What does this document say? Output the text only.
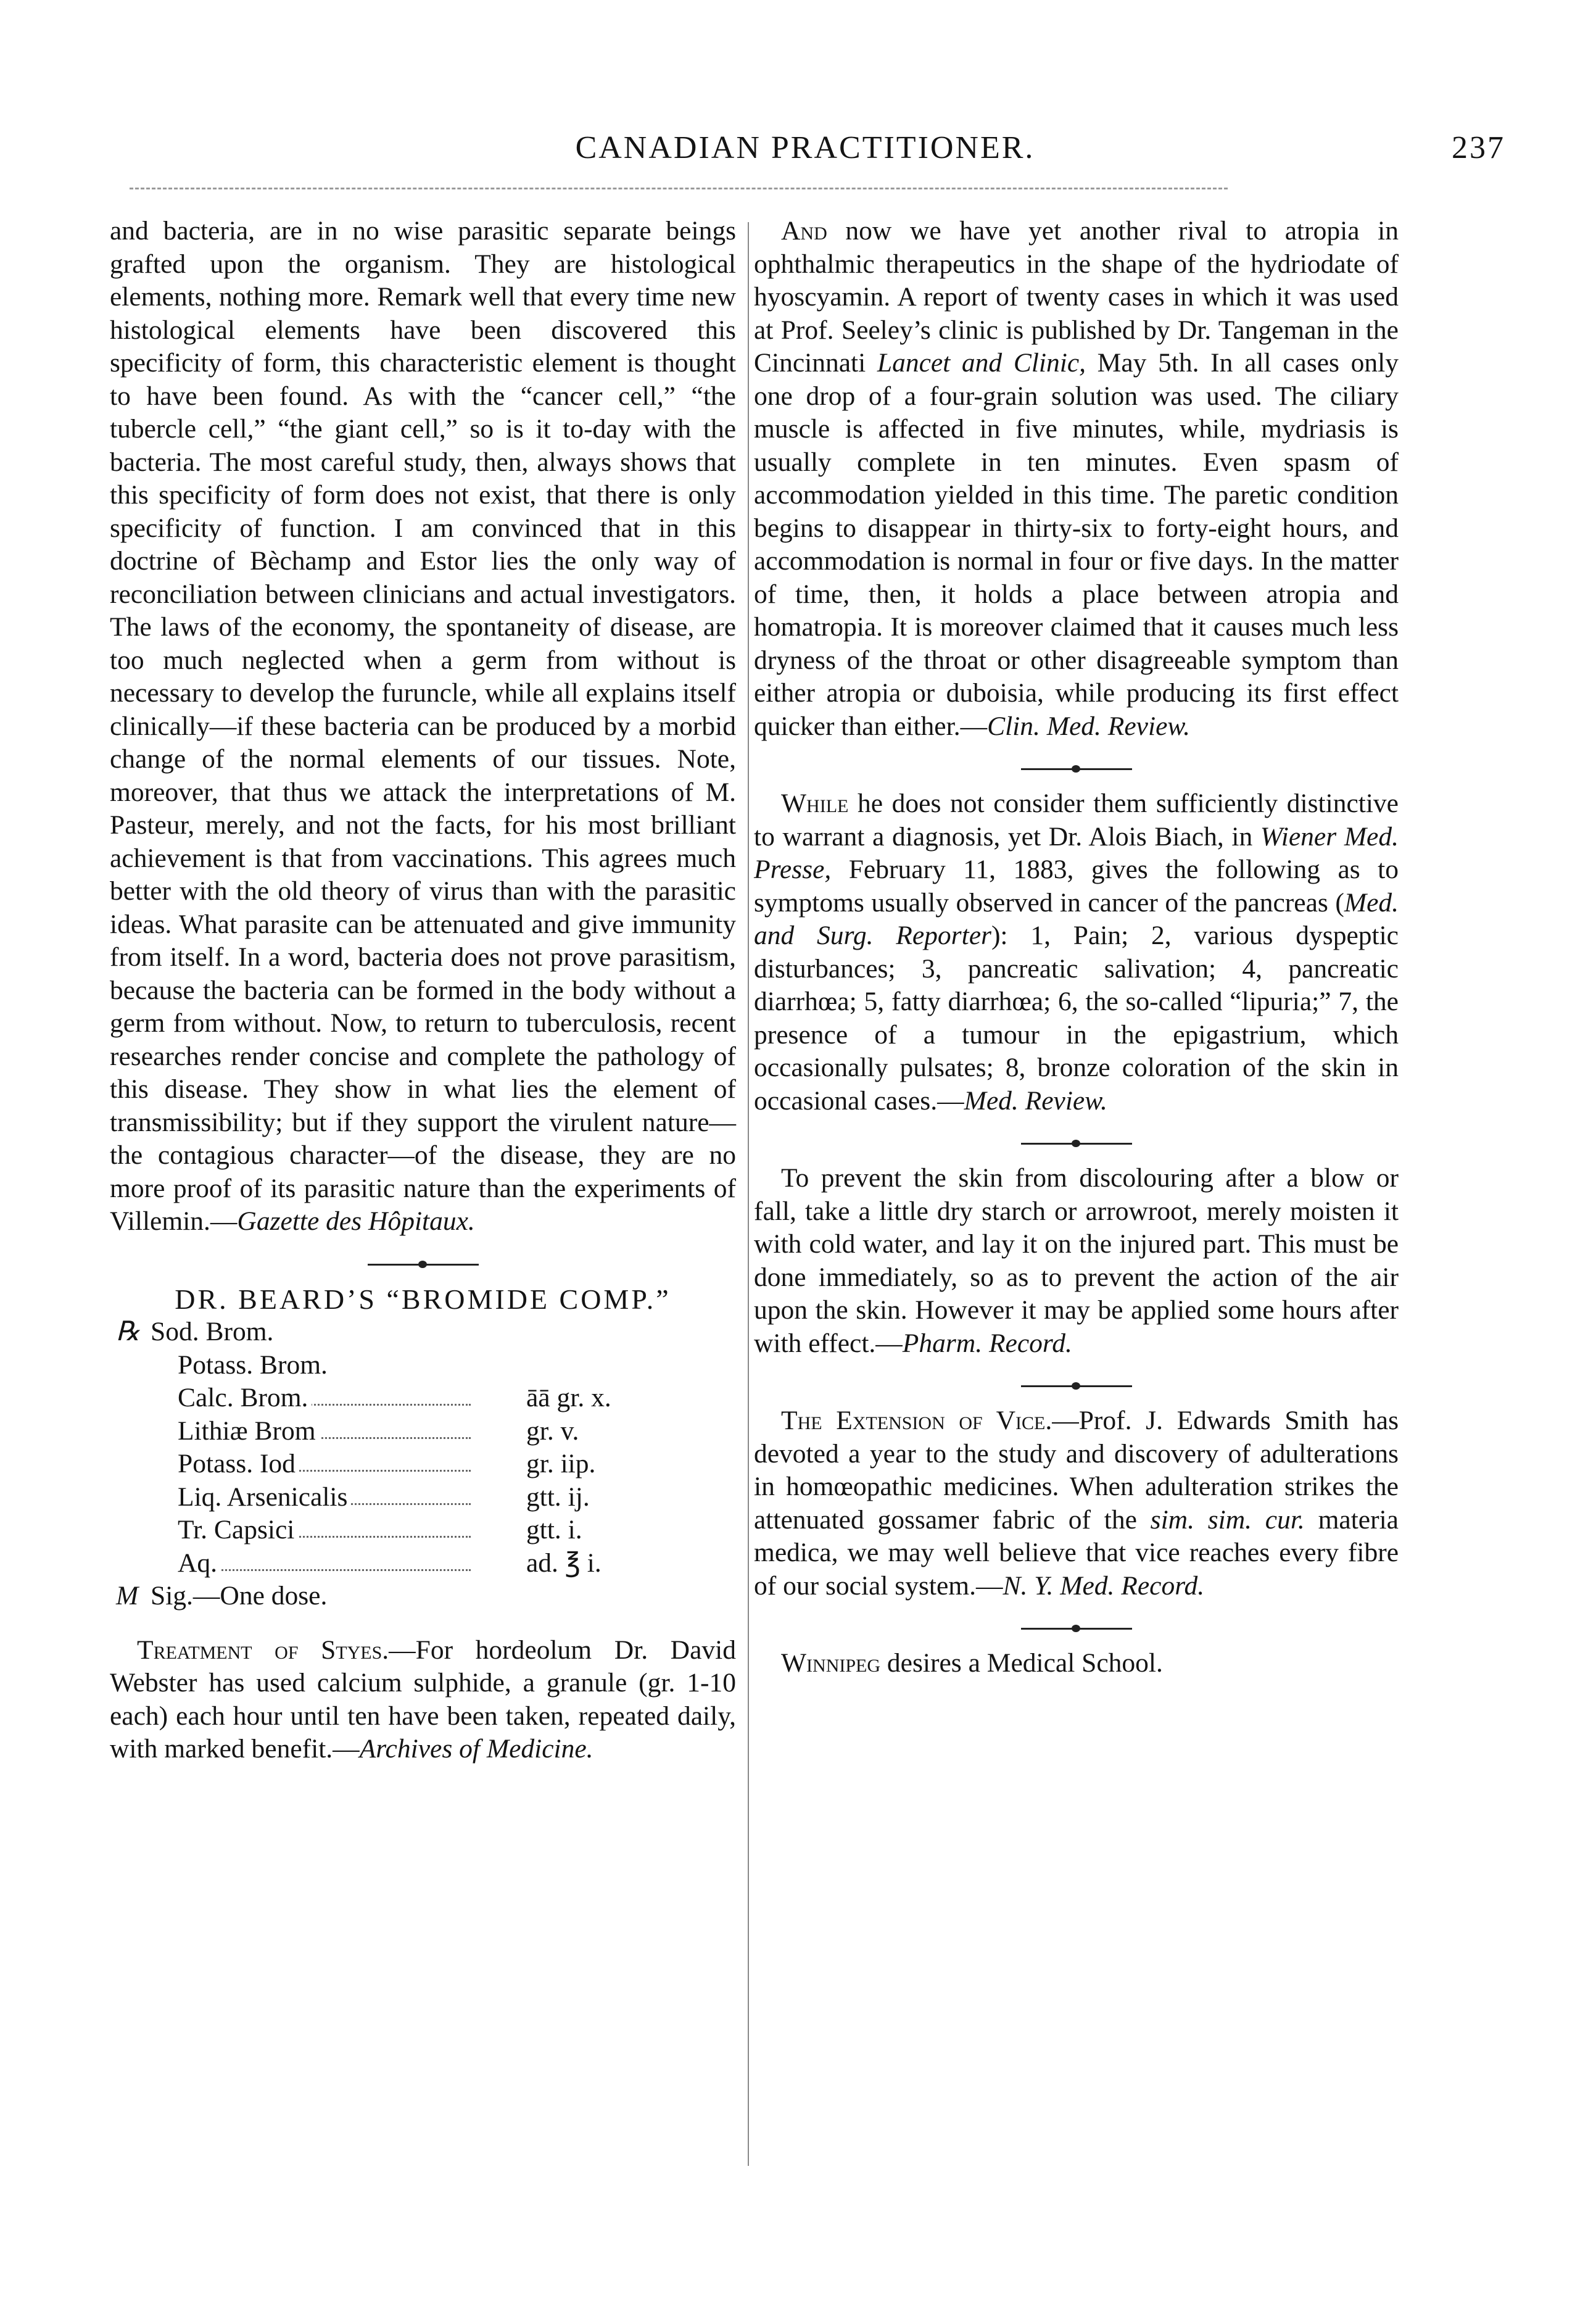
CANADIAN PRACTITIONER.	237

and bacteria, are in no wise parasitic separate beings grafted upon the organism. They are histological elements, nothing more. Remark well that every time new histological elements have been discovered this specificity of form, this characteristic element is thought to have been found. As with the “cancer cell,” “the tubercle cell,” “the giant cell,” so is it to-day with the bacteria. The most careful study, then, always shows that this specificity of form does not exist, that there is only specificity of function. I am convinced that in this doctrine of Bèchamp and Estor lies the only way of reconciliation between clinicians and actual investigators. The laws of the economy, the spontaneity of disease, are too much neglected when a germ from without is necessary to develop the furuncle, while all explains itself clinically—if these bacteria can be produced by a morbid change of the normal elements of our tissues. Note, moreover, that thus we attack the interpretations of M. Pasteur, merely, and not the facts, for his most brilliant achievement is that from vaccinations. This agrees much better with the old theory of virus than with the parasitic ideas. What parasite can be attenuated and give immunity from itself. In a word, bacteria does not prove parasitism, because the bacteria can be formed in the body without a germ from without. Now, to return to tuberculosis, recent researches render concise and complete the pathology of this disease. They show in what lies the element of transmissibility; but if they support the virulent nature—the contagious character—of the disease, they are no more proof of its parasitic nature than the experiments of Villemin.—Gazette des Hôpitaux.

DR. BEARD’S “BROMIDE COMP.”
℞ Sod. Brom.
Potass. Brom.
Calc. Brom.	āā gr. x.
Lithiæ Brom	gr. v.
Potass. Iod	gr. iip.
Liq. Arsenicalis	gtt. ij.
Tr. Capsici	gtt. i.
Aq.	ad. ℥ i.
M Sig.—One dose.

Treatment of Styes.—For hordeolum Dr. David Webster has used calcium sulphide, a granule (gr. 1-10 each) each hour until ten have been taken, repeated daily, with marked benefit.—Archives of Medicine.

And now we have yet another rival to atropia in ophthalmic therapeutics in the shape of the hydriodate of hyoscyamin. A report of twenty cases in which it was used at Prof. Seeley’s clinic is published by Dr. Tangeman in the Cincinnati Lancet and Clinic, May 5th. In all cases only one drop of a four-grain solution was used. The ciliary muscle is affected in five minutes, while, mydriasis is usually complete in ten minutes. Even spasm of accommodation yielded in this time. The paretic condition begins to disappear in thirty-six to forty-eight hours, and accommodation is normal in four or five days. In the matter of time, then, it holds a place between atropia and homatropia. It is moreover claimed that it causes much less dryness of the throat or other disagreeable symptom than either atropia or duboisia, while producing its first effect quicker than either.—Clin. Med. Review.

While he does not consider them sufficiently distinctive to warrant a diagnosis, yet Dr. Alois Biach, in Wiener Med. Presse, February 11, 1883, gives the following as to symptoms usually observed in cancer of the pancreas (Med. and Surg. Reporter): 1, Pain; 2, various dyspeptic disturbances; 3, pancreatic salivation; 4, pancreatic diarrhœa; 5, fatty diarrhœa; 6, the so-called “lipuria;” 7, the presence of a tumour in the epigastrium, which occasionally pulsates; 8, bronze coloration of the skin in occasional cases.—Med. Review.

To prevent the skin from discolouring after a blow or fall, take a little dry starch or arrowroot, merely moisten it with cold water, and lay it on the injured part. This must be done immediately, so as to prevent the action of the air upon the skin. However it may be applied some hours after with effect.—Pharm. Record.

The Extension of Vice.—Prof. J. Edwards Smith has devoted a year to the study and discovery of adulterations in homœopathic medicines. When adulteration strikes the attenuated gossamer fabric of the sim. sim. cur. materia medica, we may well believe that vice reaches every fibre of our social system.—N. Y. Med. Record.

Winnipeg desires a Medical School.
